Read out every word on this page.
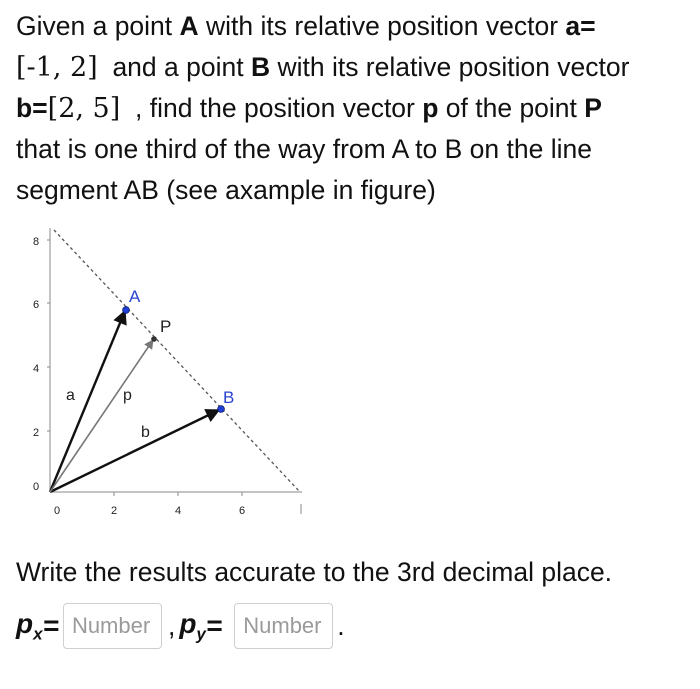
Given a point A with its relative position vector a=
[-1, 2]  and a point B with its relative position vector
b=[2, 5]  , find the position vector p of the point P
that is one third of the way from A to B on the line
segment AB (see axample in figure)
8
6
4
2
0
0	2	4	6
A
B
P
a	p
b
Write the results accurate to the 3rd decimal place.
$p_x$ =
Number	, $p_y$ =
Number	.
